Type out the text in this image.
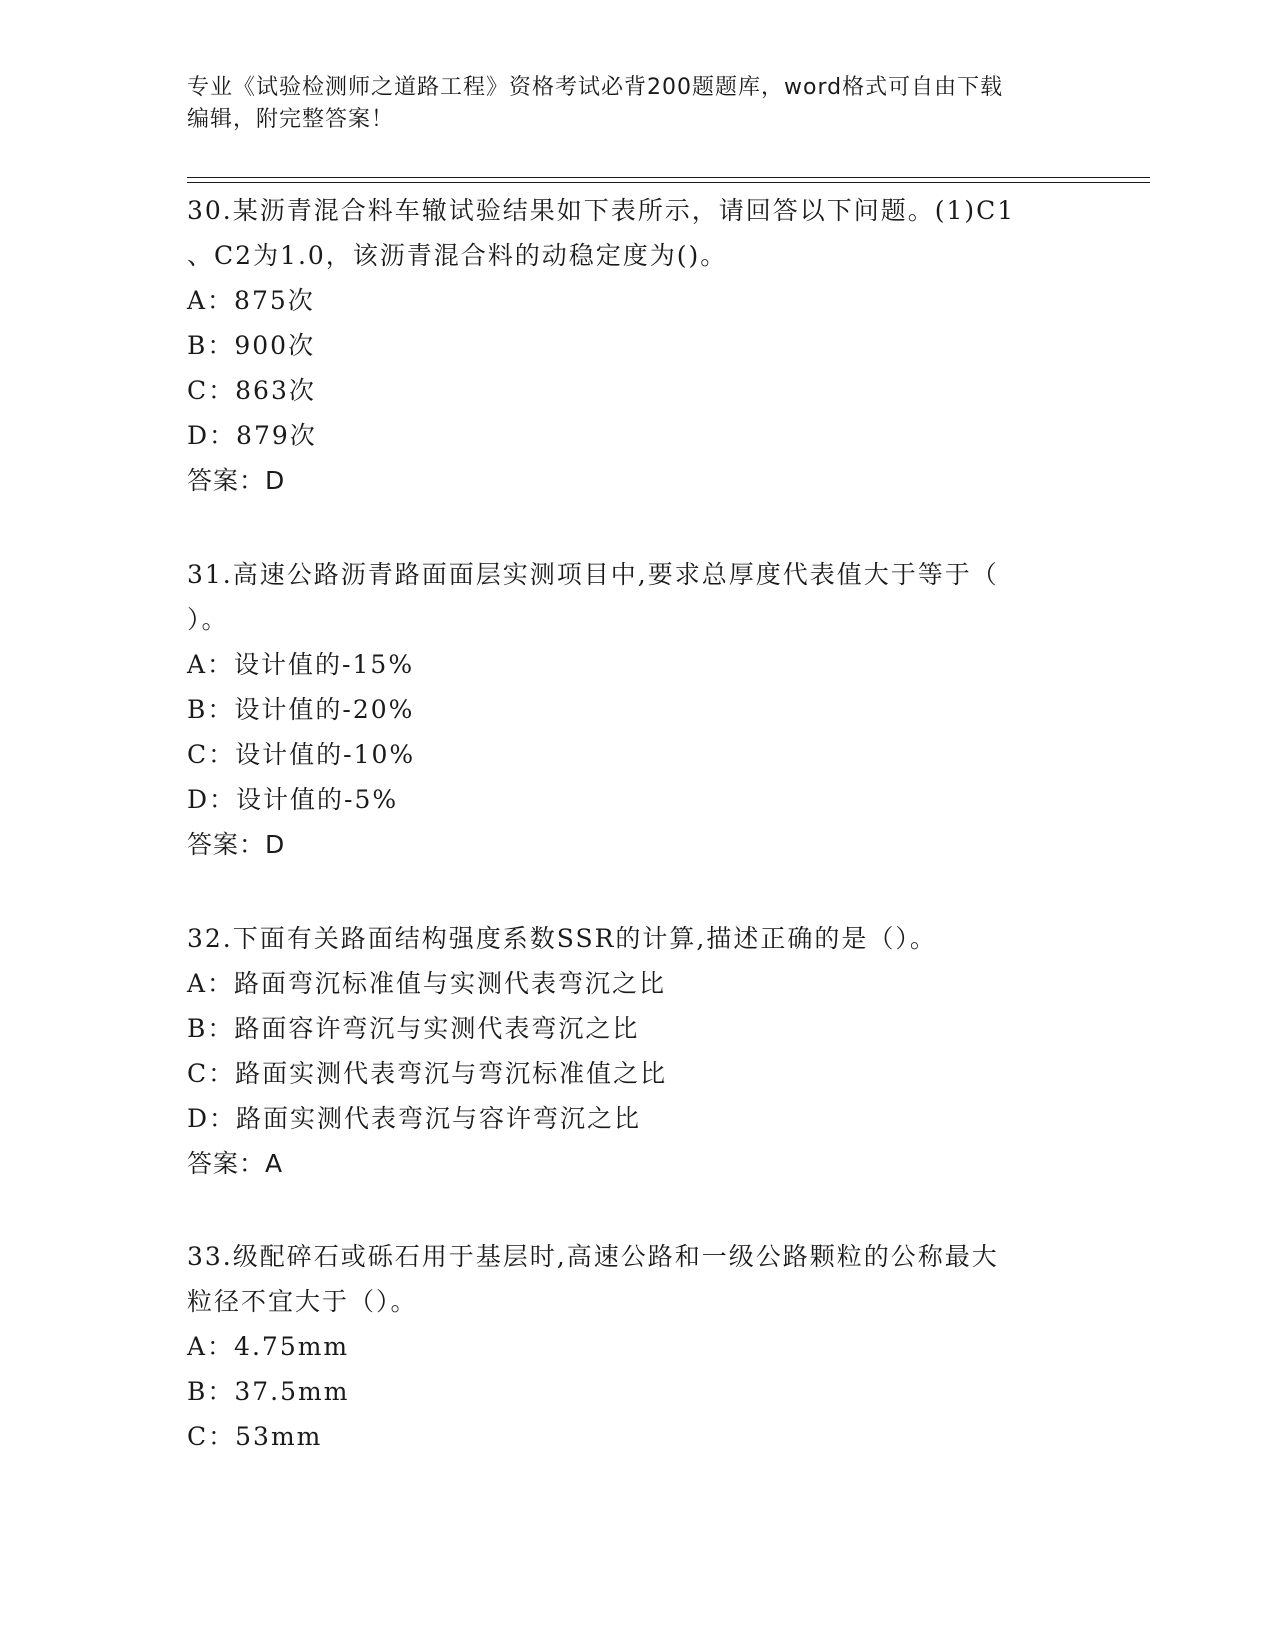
专业《试验检测师之道路工程》资格考试必背200题题库，word格式可自由下载
编辑，附完整答案！
30.某沥青混合料车辙试验结果如下表所示，请回答以下问题。(1)C1
、C2为1.0，该沥青混合料的动稳定度为()。
A：875次
B：900次
C：863次
D：879次
答案：D
31.高速公路沥青路面面层实测项目中,要求总厚度代表值大于等于（
）。
A：设计值的-15%
B：设计值的-20%
C：设计值的-10%
D：设计值的-5%
答案：D
32.下面有关路面结构强度系数SSR的计算,描述正确的是（）。
A：路面弯沉标准值与实测代表弯沉之比
B：路面容许弯沉与实测代表弯沉之比
C：路面实测代表弯沉与弯沉标准值之比
D：路面实测代表弯沉与容许弯沉之比
答案：A
33.级配碎石或砾石用于基层时,高速公路和一级公路颗粒的公称最大
粒径不宜大于（）。
A：4.75mm
B：37.5mm
C：53mm
